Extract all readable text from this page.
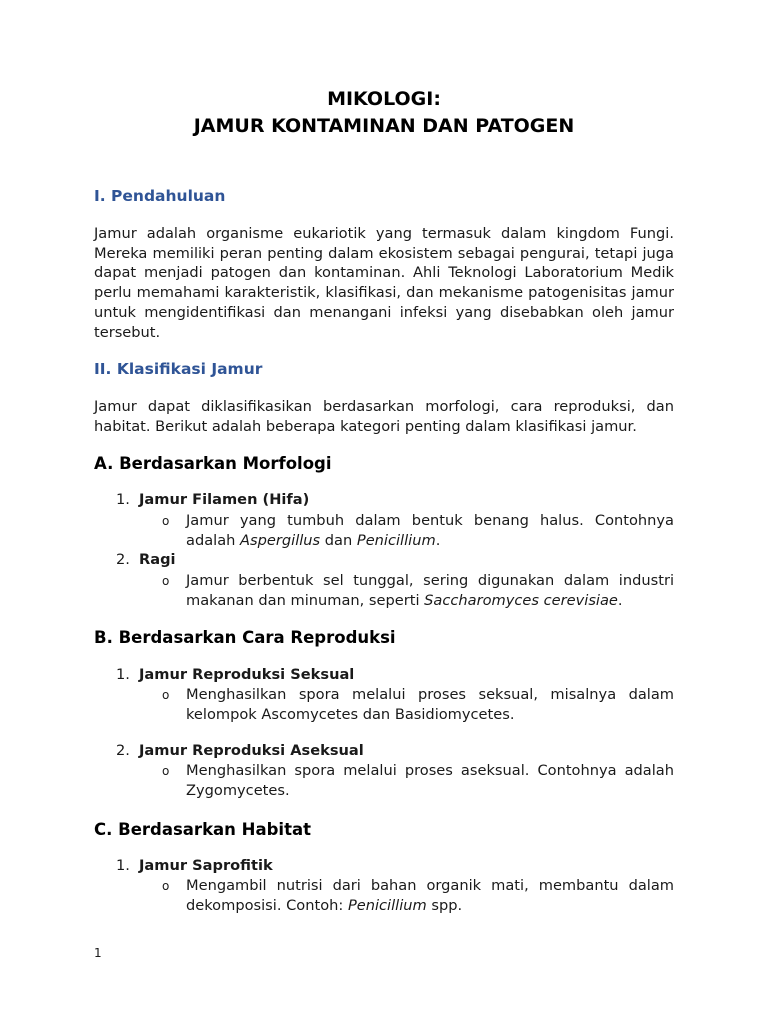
MIKOLOGI:
JAMUR KONTAMINAN DAN PATOGEN
I. Pendahuluan

Jamur adalah organisme eukariotik yang termasuk dalam kingdom Fungi. Mereka memiliki peran penting dalam ekosistem sebagai pengurai, tetapi juga dapat menjadi patogen dan kontaminan. Ahli Teknologi Laboratorium Medik perlu memahami karakteristik, klasifikasi, dan mekanisme patogenisitas jamur untuk mengidentifikasi dan menangani infeksi yang disebabkan oleh jamur tersebut.

II. Klasifikasi Jamur

Jamur dapat diklasifikasikan berdasarkan morfologi, cara reproduksi, dan habitat. Berikut adalah beberapa kategori penting dalam klasifikasi jamur.

A. Berdasarkan Morfologi

1. Jamur Filamen (Hifa)

o Jamur yang tumbuh dalam bentuk benang halus. Contohnya adalah Aspergillus dan Penicillium.

2. Ragi

o Jamur berbentuk sel tunggal, sering digunakan dalam industri makanan dan minuman, seperti Saccharomyces cerevisiae.

B. Berdasarkan Cara Reproduksi

1. Jamur Reproduksi Seksual

o Menghasilkan spora melalui proses seksual, misalnya dalam kelompok Ascomycetes dan Basidiomycetes.

2. Jamur Reproduksi Aseksual

o Menghasilkan spora melalui proses aseksual. Contohnya adalah Zygomycetes.

C. Berdasarkan Habitat

1. Jamur Saprofitik

o Mengambil nutrisi dari bahan organik mati, membantu dalam dekomposisi. Contoh: Penicillium spp.

1
